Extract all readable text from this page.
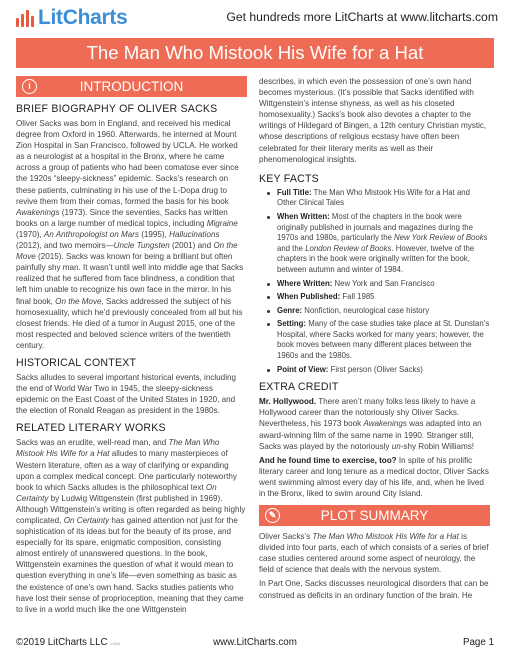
LitCharts	Get hundreds more LitCharts at www.litcharts.com
The Man Who Mistook His Wife for a Hat
i	INTRODUCTION
BRIEF BIOGRAPHY OF OLIVER SACKS

Oliver Sacks was born in England, and received his medical degree from Oxford in 1960. Afterwards, he interned at Mount Zion Hospital in San Francisco, followed by UCLA. He worked as a neurologist at a hospital in the Bronx, where he came across a group of patients who had been comatose ever since the 1920s “sleepy-sickness” epidemic. Sacks’s research on these patients, culminating in his use of the L-Dopa drug to revive them from their comas, formed the basis for his book Awakenings (1973). Since the seventies, Sacks has written books on a large number of medical topics, including Migraine (1970), An Anthropologist on Mars (1995), Hallucinations (2012), and two memoirs—Uncle Tungsten (2001) and On the Move (2015). Sacks was known for being a brilliant but often painfully shy man. It wasn’t until well into middle age that Sacks realized that he suffered from face blindness, a condition that left him unable to recognize his own face in the mirror. In his final book, On the Move, Sacks addressed the subject of his homosexuality, which he’d previously concealed from all but his closest friends. He died of a tumor in August 2015, one of the most respected and beloved science writers of the twentieth century.

HISTORICAL CONTEXT

Sacks alludes to several important historical events, including the end of World War Two in 1945, the sleepy-sickness epidemic on the East Coast of the United States in 1920, and the election of Ronald Reagan as president in the 1980s.

RELATED LITERARY WORKS

Sacks was an erudite, well-read man, and The Man Who Mistook His Wife for a Hat alludes to many masterpieces of Western literature, often as a way of clarifying or expanding upon a complex medical concept. One particularly noteworthy book to which Sacks alludes is the philosophical text On Certainty by Ludwig Wittgenstein (first published in 1969). Although Wittgenstein’s writing is often regarded as being highly complicated, On Certainty has gained attention not just for the sophistication of its ideas but for the beauty of its prose, and especially for its spare, enigmatic composition, consisting almost entirely of unanswered questions. In the book, Wittgenstein examines the question of what it would mean to question everything in one’s life—even something as basic as the existence of one’s own hand. Sacks studies patients who have lost their sense of proprioception, meaning that they came to live in a world much like the one Wittgenstein

describes, in which even the possession of one’s own hand becomes mysterious. (It’s possible that Sacks identified with Wittgenstein’s intense shyness, as well as his closeted homosexuality.) Sacks’s book also devotes a chapter to the writings of Hildegard of Bingen, a 12th century Christian mystic, whose descriptions of religious ecstasy have often been celebrated for their literary merits as well as their phenomenological insights.

KEY FACTS
Full Title: The Man Who Mistook His Wife for a Hat and Other Clinical Tales
When Written: Most of the chapters in the book were originally published in journals and magazines during the 1970s and 1980s, particularly the New York Review of Books and the London Review of Books. However, twelve of the chapters in the book were originally written for the book, between autumn and winter of 1984.
Where Written: New York and San Francisco
When Published: Fall 1985
Genre: Nonfiction, neurological case history
Setting: Many of the case studies take place at St. Dunstan’s Hospital, where Sacks worked for many years; however, the book moves between many different places between the 1960s and the 1980s.
Point of View: First person (Oliver Sacks)
EXTRA CREDIT

Mr. Hollywood. There aren’t many folks less likely to have a Hollywood career than the notoriously shy Oliver Sacks. Nevertheless, his 1973 book Awakenings was adapted into an award-winning film of the same name in 1990. Stranger still, Sacks was played by the notoriously un-shy Robin Williams!

And he found time to exercise, too? In spite of his prolific literary career and long tenure as a medical doctor, Oliver Sacks went swimming almost every day of his life, and, when he lived in the Bronx, liked to swim around City Island.

✎	PLOT SUMMARY

Oliver Sacks’s The Man Who Mistook His Wife for a Hat is divided into four parts, each of which consists of a series of brief case studies centered around some aspect of neurology, the field of science that deals with the nervous system.

In Part One, Sacks discusses neurological disorders that can be construed as deficits in an ordinary function of the brain. He

©2019 LitCharts LLC v.006	www.LitCharts.com	Page 1
